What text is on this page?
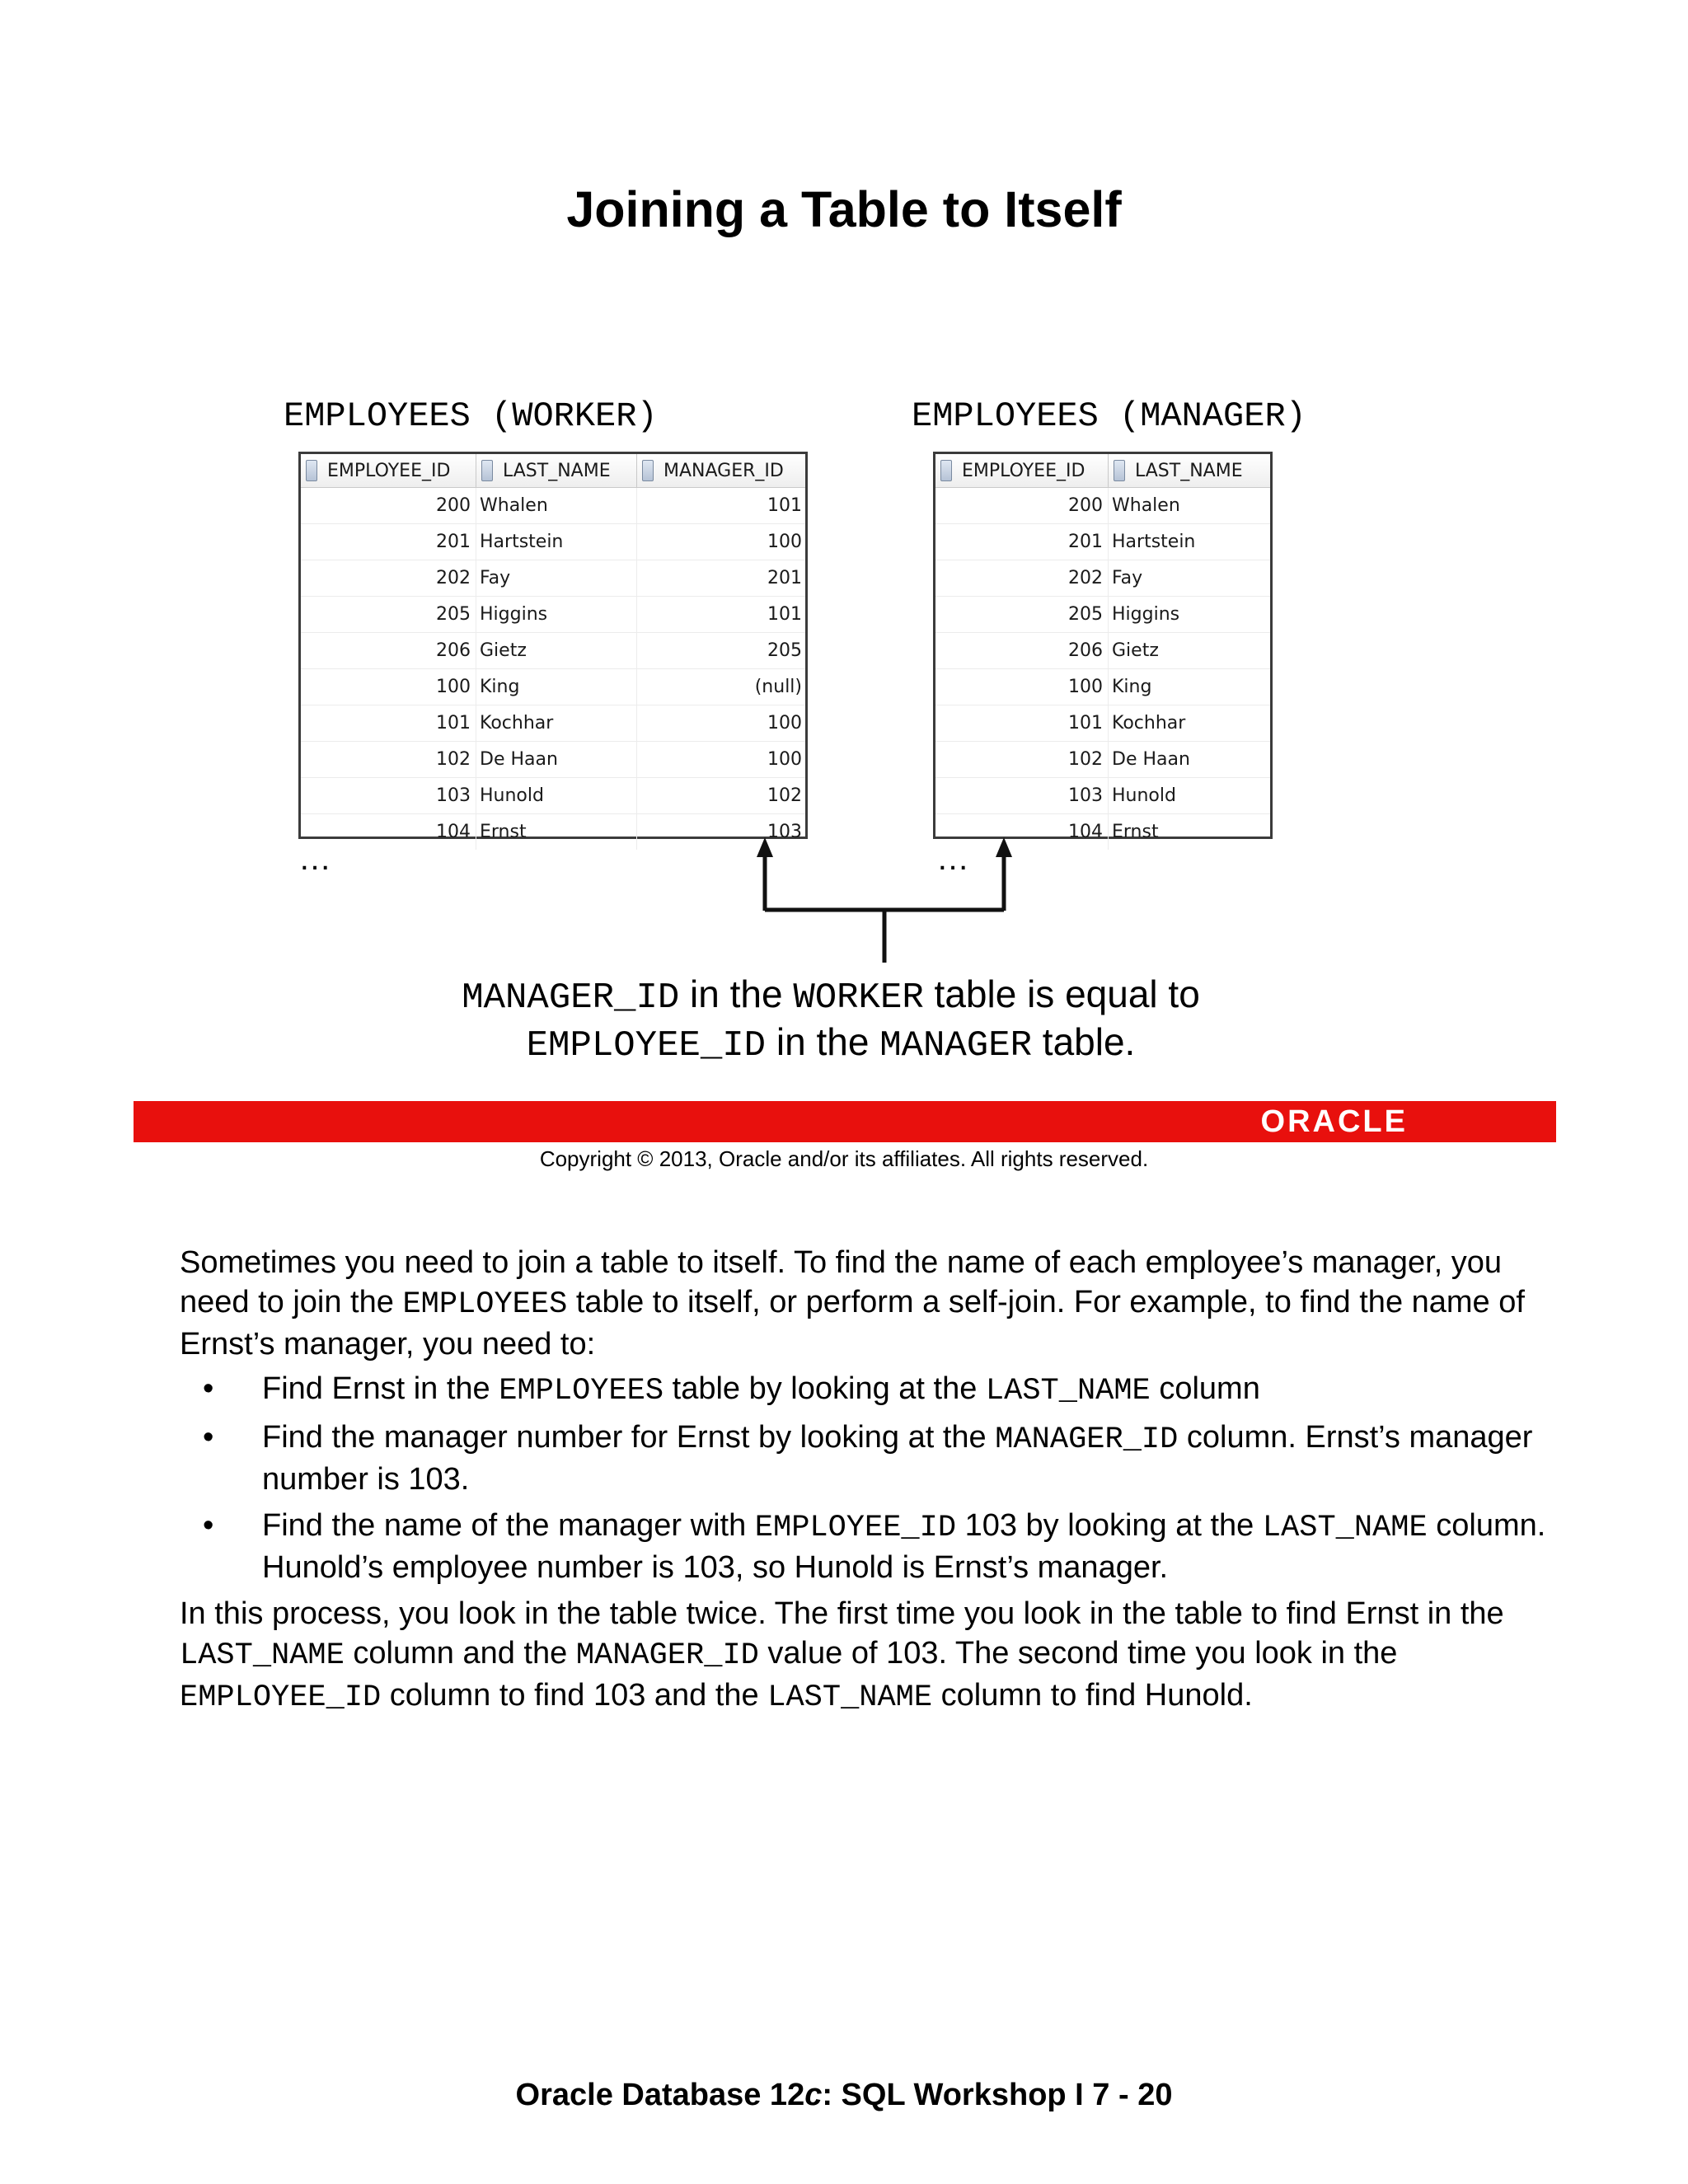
Joining a Table to Itself
EMPLOYEES (WORKER)	EMPLOYEES (MANAGER)
EMPLOYEE_ID	LAST_NAME	MANAGER_ID
200 Whalen	101
201 Hartstein	100
202 Fay	201
205 Higgins	101
206 Gietz	205
100 King	(null)
101 Kochhar	100
102 De Haan	100
103 Hunold	102
104 Ernst	103
…
EMPLOYEE_ID	LAST_NAME
200 Whalen
201 Hartstein
202 Fay
205 Higgins
206 Gietz
100 King
101 Kochhar
102 De Haan
103 Hunold
104 Ernst
…
MANAGER_ID in the WORKER table is equal to
EMPLOYEE_ID in the MANAGER table.
ORACLE
Copyright © 2013, Oracle and/or its affiliates. All rights reserved.

Sometimes you need to join a table to itself. To find the name of each employee’s manager, you need to join the EMPLOYEES table to itself, or perform a self-join. For example, to find the name of Ernst’s manager, you need to:

• Find Ernst in the EMPLOYEES table by looking at the LAST_NAME column
• Find the manager number for Ernst by looking at the MANAGER_ID column. Ernst’s manager number is 103.
• Find the name of the manager with EMPLOYEE_ID 103 by looking at the LAST_NAME column. Hunold’s employee number is 103, so Hunold is Ernst’s manager.

In this process, you look in the table twice. The first time you look in the table to find Ernst in the LAST_NAME column and the MANAGER_ID value of 103. The second time you look in the EMPLOYEE_ID column to find 103 and the LAST_NAME column to find Hunold.

Oracle Database 12c: SQL Workshop I 7 - 20
